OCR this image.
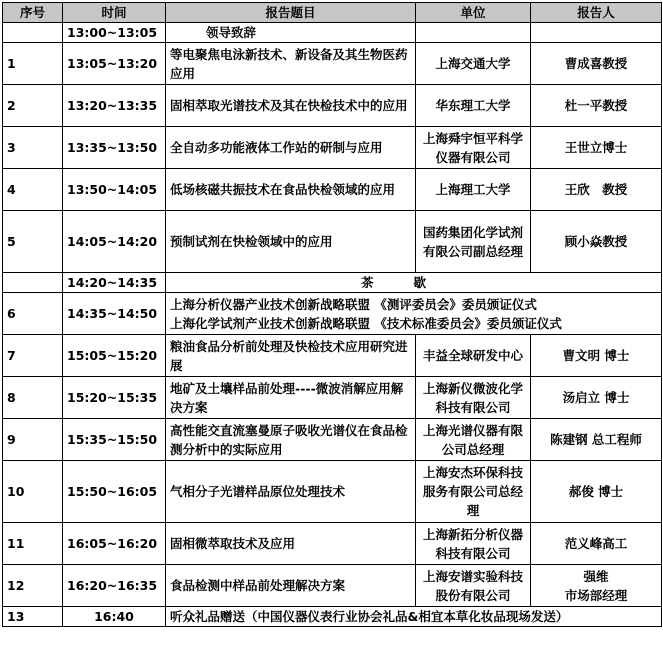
序号	时间	报告题目	单位	报告人
	13:00~13:05	领导致辞		
1	13:05~13:20	等电聚焦电泳新技术、新设备及其生物医药应用	上海交通大学	曹成喜教授
2	13:20~13:35	固相萃取光谱技术及其在快检技术中的应用	华东理工大学	杜一平教授
3	13:35~13:50	全自动多功能液体工作站的研制与应用	上海舜宇恒平科学仪器有限公司	王世立博士
4	13:50~14:05	低场核磁共振技术在食品快检领域的应用	上海理工大学	王欣　教授
5	14:05~14:20	预制试剂在快检领域中的应用	国药集团化学试剂有限公司副总经理	顾小焱教授
	14:20~14:35	茶歇		
6	14:35~14:50	上海分析仪器产业技术创新战略联盟 《测评委员会》委员颁证仪式
上海化学试剂产业技术创新战略联盟 《技术标准委员会》委员颁证仪式		

7	15:05~15:20	粮油食品分析前处理及快检技术应用研究进展	丰益全球研发中心	曹文明 博士
8	15:20~15:35	地矿及土壤样品前处理----微波消解应用解决方案	上海新仪微波化学科技有限公司	汤启立 博士
9	15:35~15:50	高性能交直流塞曼原子吸收光谱仪在食品检测分析中的实际应用	上海光谱仪器有限公司总经理	陈建钢 总工程师
10	15:50~16:05	气相分子光谱样品原位处理技术	上海安杰环保科技服务有限公司总经理	郝俊 博士
11	16:05~16:20	固相微萃取技术及应用	上海新拓分析仪器科技有限公司	范义峰高工
12	16:20~16:35	食品检测中样品前处理解决方案	上海安谱实验科技股份有限公司	强维
市场部经理
13	16:40	听众礼品赠送（中国仪器仪表行业协会礼品&相宜本草化妆品现场发送）		
